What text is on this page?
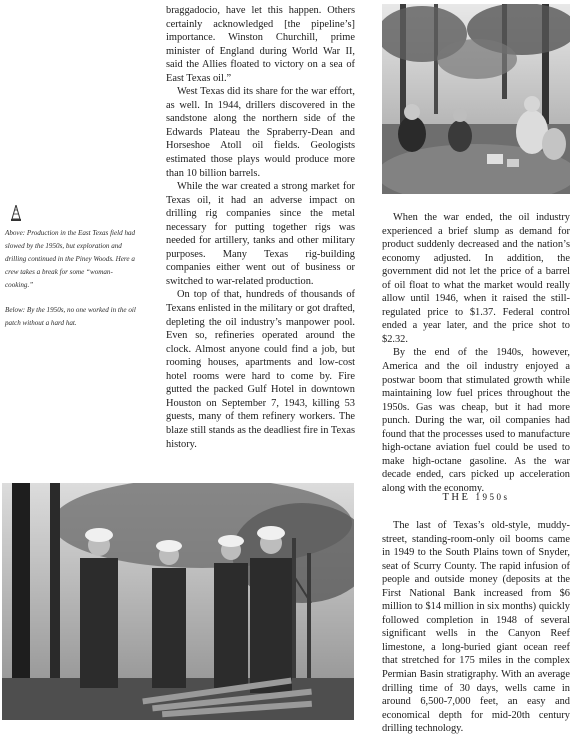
Above: Production in the East Texas field had slowed by the 1950s, but exploration and drilling continued in the Piney Woods. Here a crew takes a break for some “woman-cooking.”

Below: By the 1950s, no one worked in the oil patch without a hard hat.

braggadocio, have let this happen. Others certainly acknowledged [the pipeline’s] importance. Winston Churchill, prime minister of England during World War II, said the Allies floated to victory on a sea of East Texas oil.”

West Texas did its share for the war effort, as well. In 1944, drillers discovered in the sandstone along the northern side of the Edwards Plateau the Spraberry-Dean and Horseshoe Atoll oil fields. Geologists estimated those plays would produce more than 10 billion barrels.

While the war created a strong market for Texas oil, it had an adverse impact on drilling rig companies since the metal necessary for putting together rigs was needed for artillery, tanks and other military purposes. Many Texas rig-building companies either went out of business or switched to war-related production.

On top of that, hundreds of thousands of Texans enlisted in the military or got drafted, depleting the oil industry’s manpower pool. Even so, refineries operated around the clock. Almost anyone could find a job, but rooming houses, apartments and low-cost hotel rooms were hard to come by. Fire gutted the packed Gulf Hotel in downtown Houston on September 7, 1943, killing 53 guests, many of them refinery workers. The blaze still stands as the deadliest fire in Texas history.

When the war ended, the oil industry experienced a brief slump as demand for product suddenly decreased and the nation’s economy adjusted. In addition, the government did not let the price of a barrel of oil float to what the market would really allow until 1946, when it raised the still-regulated price to $1.37. Federal control ended a year later, and the price shot to $2.32.

By the end of the 1940s, however, America and the oil industry enjoyed a postwar boom that stimulated growth while maintaining low fuel prices throughout the 1950s. Gas was cheap, but it had more punch. During the war, oil companies had found that the processes used to manufacture high-octane aviation fuel could be used to make high-octane gasoline. As the war decade ended, cars picked up acceleration along with the economy.

THE 1950s

The last of Texas’s old-style, muddy-street, standing-room-only oil booms came in 1949 to the South Plains town of Snyder, seat of Scurry County. The rapid infusion of people and outside money (deposits at the First National Bank increased from $6 million to $14 million in six months) quickly followed completion in 1948 of several significant wells in the Canyon Reef limestone, a long-buried giant ocean reef that stretched for 175 miles in the complex Permian Basin stratigraphy. With an average drilling time of 30 days, wells came in around 6,500-7,000 feet, an easy and economical depth for mid-20th century drilling technology.
